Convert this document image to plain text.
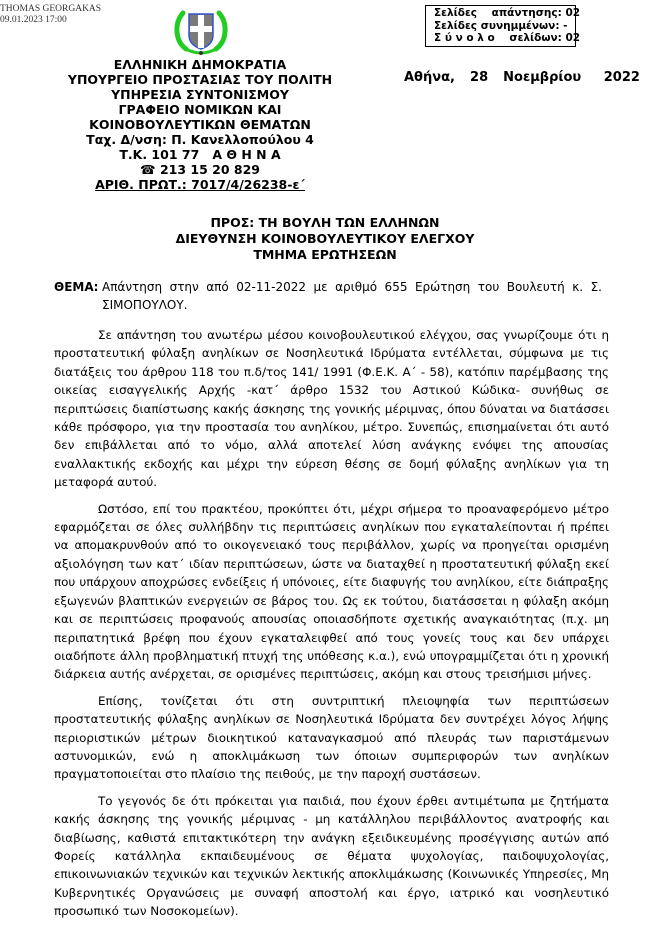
THOMAS GEORGAKAS
09.01.2023 17:00
ΕΛΛΗΝΙΚΗ ΔΗΜΟΚΡΑΤΙΑ
ΥΠΟΥΡΓΕΙΟ ΠΡΟΣΤΑΣΙΑΣ ΤΟΥ ΠΟΛΙΤΗ
ΥΠΗΡΕΣΙΑ ΣΥΝΤΟΝΙΣΜΟΥ
ΓΡΑΦΕΙΟ ΝΟΜΙΚΩΝ ΚΑΙ
ΚΟΙΝΟΒΟΥΛΕΥΤΙΚΩΝ ΘΕΜΑΤΩΝ
Ταχ. Δ/νση: Π. Κανελλοπούλου 4
Τ.Κ. 101 77   Α Θ Η Ν Α
☎ 213 15 20 829
ΑΡΙΘ. ΠΡΩΤ.: 7017/4/26238-ε΄
Σελίδες    απάντησης: 02
Σελίδες συνημμένων: -
Σ ύ ν ο λ ο    σελίδων: 02
Αθήνα,  28  Νοεμβρίου   2022
ΠΡΟΣ: ΤΗ ΒΟΥΛΗ ΤΩΝ ΕΛΛΗΝΩΝ
ΔΙΕΥΘΥΝΣΗ ΚΟΙΝΟΒΟΥΛΕΥΤΙΚΟΥ ΕΛΕΓΧΟΥ
ΤΜΗΜΑ ΕΡΩΤΗΣΕΩΝ
ΘΕΜΑ: Απάντηση στην από 02-11-2022 με αριθμό 655 Ερώτηση του Βουλευτή κ. Σ. ΣΙΜΟΠΟΥΛΟΥ.

Σε απάντηση του ανωτέρω μέσου κοινοβουλευτικού ελέγχου, σας γνωρίζουμε ότι η προστατευτική φύλαξη ανηλίκων σε Νοσηλευτικά Ιδρύματα εντέλλεται, σύμφωνα με τις διατάξεις του άρθρου 118 του π.δ/τος 141/ 1991 (Φ.Ε.Κ. Α΄ - 58), κατόπιν παρέμβασης της οικείας εισαγγελικής Αρχής -κατ΄ άρθρο 1532 του Αστικού Κώδικα- συνήθως σε περιπτώσεις διαπίστωσης κακής άσκησης της γονικής μέριμνας, όπου δύναται να διατάσσει κάθε πρόσφορο, για την προστασία του ανηλίκου, μέτρο. Συνεπώς, επισημαίνεται ότι αυτό δεν επιβάλλεται από το νόμο, αλλά αποτελεί λύση ανάγκης ενόψει της απουσίας εναλλακτικής εκδοχής και μέχρι την εύρεση θέσης σε δομή φύλαξης ανηλίκων για τη μεταφορά αυτού.

Ωστόσο, επί του πρακτέου, προκύπτει ότι, μέχρι σήμερα το προαναφερόμενο μέτρο εφαρμόζεται σε όλες συλλήβδην τις περιπτώσεις ανηλίκων που εγκαταλείπονται ή πρέπει να απομακρυνθούν από το οικογενειακό τους περιβάλλον, χωρίς να προηγείται ορισμένη αξιολόγηση των κατ΄ ιδίαν περιπτώσεων, ώστε να διαταχθεί η προστατευτική φύλαξη εκεί που υπάρχουν αποχρώσες ενδείξεις ή υπόνοιες, είτε διαφυγής του ανηλίκου, είτε διάπραξης εξωγενών βλαπτικών ενεργειών σε βάρος του. Ως εκ τούτου, διατάσσεται η φύλαξη ακόμη και σε περιπτώσεις προφανούς απουσίας οποιασδήποτε σχετικής αναγκαιότητας (π.χ. μη περιπατητικά βρέφη που έχουν εγκαταλειφθεί από τους γονείς τους και δεν υπάρχει οιαδήποτε άλλη προβληματική πτυχή της υπόθεσης κ.α.), ενώ υπογραμμίζεται ότι η χρονική διάρκεια αυτής ανέρχεται, σε ορισμένες περιπτώσεις, ακόμη και στους τρεισήμισι μήνες.

Επίσης, τονίζεται ότι στη συντριπτική πλειοψηφία των περιπτώσεων προστατευτικής φύλαξης ανηλίκων σε Νοσηλευτικά Ιδρύματα δεν συντρέχει λόγος λήψης περιοριστικών μέτρων διοικητικού καταναγκασμού από πλευράς των παριστάμενων αστυνομικών, ενώ η αποκλιμάκωση των όποιων συμπεριφορών των ανηλίκων πραγματοποιείται στο πλαίσιο της πειθούς, με την παροχή συστάσεων.

Το γεγονός δε ότι πρόκειται για παιδιά, που έχουν έρθει αντιμέτωπα με ζητήματα κακής άσκησης της γονικής μέριμνας - μη κατάλληλου περιβάλλοντος ανατροφής και διαβίωσης, καθιστά επιτακτικότερη την ανάγκη εξειδικευμένης προσέγγισης αυτών από Φορείς κατάλληλα εκπαιδευμένους σε θέματα ψυχολογίας, παιδοψυχολογίας, επικοινωνιακών τεχνικών και τεχνικών λεκτικής αποκλιμάκωσης (Κοινωνικές Υπηρεσίες, Μη Κυβερνητικές Οργανώσεις με συναφή αποστολή και έργο, ιατρικό και νοσηλευτικό προσωπικό των Νοσοκομείων).
